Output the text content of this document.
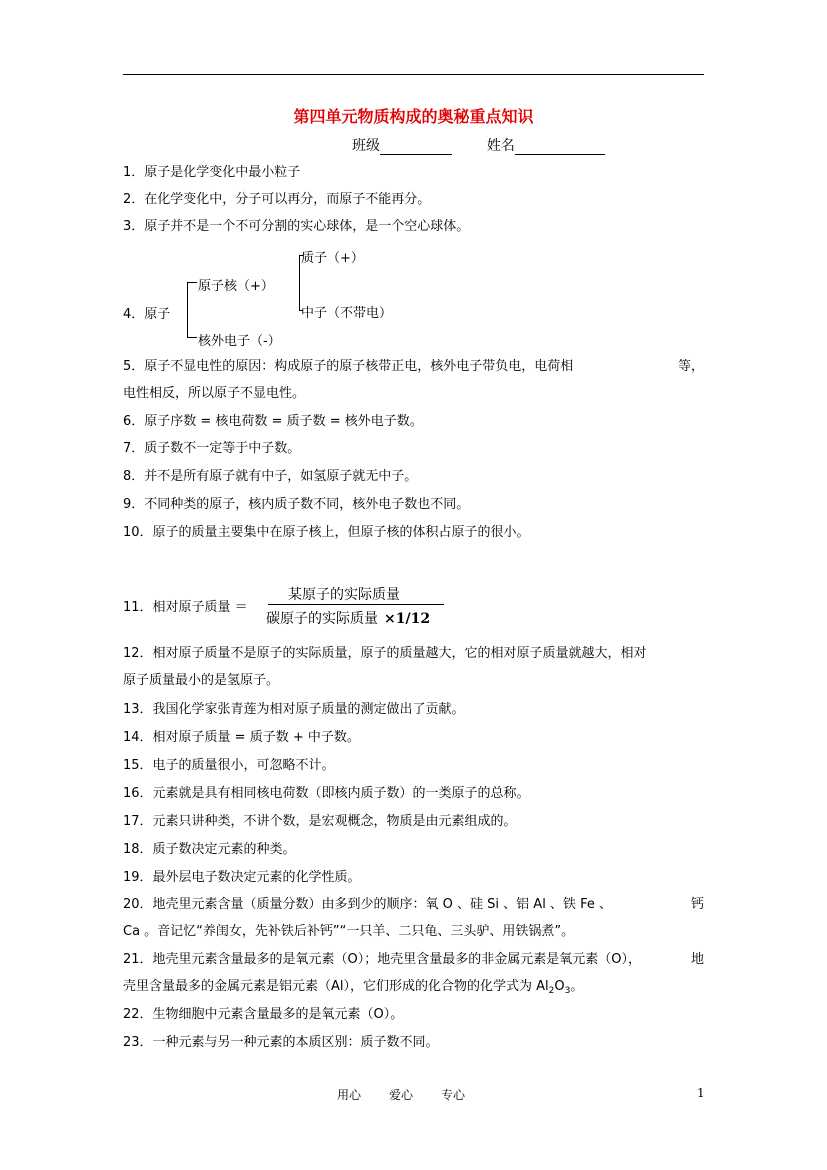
第四单元物质构成的奥秘重点知识
班级	姓名
1．原子是化学变化中最小粒子
2．在化学变化中，分子可以再分，而原子不能再分。
3．原子并不是一个不可分割的实心球体，是一个空心球体。
4．原子
原子核（+）
核外电子（-）
质子（+）
中子（不带电）
5．原子不显电性的原因：构成原子的原子核带正电，核外电子带负电，电荷相	等，
电性相反，所以原子不显电性。
6．原子序数 = 核电荷数 = 质子数 = 核外电子数。
7．质子数不一定等于中子数。
8．并不是所有原子就有中子，如氢原子就无中子。
9．不同种类的原子，核内质子数不同，核外电子数也不同。
10．原子的质量主要集中在原子核上，但原子核的体积占原子的很小。
11．相对原子质量 ＝
某原子的实际质量
碳原子的实际质量 ×1/12
12．相对原子质量不是原子的实际质量，原子的质量越大，它的相对原子质量就越大，相对
原子质量最小的是氢原子。
13．我国化学家张青莲为相对原子质量的测定做出了贡献。
14．相对原子质量 = 质子数 + 中子数。
15．电子的质量很小，可忽略不计。
16．元素就是具有相同核电荷数（即核内质子数）的一类原子的总称。
17．元素只讲种类，不讲个数，是宏观概念，物质是由元素组成的。
18．质子数决定元素的种类。
19．最外层电子数决定元素的化学性质。
20．地壳里元素含量（质量分数）由多到少的顺序：氧 O 、硅 Si 、铝 Al 、铁 Fe 、	钙
Ca 。音记忆“养闺女，先补铁后补钙”“一只羊、二只龟、三头驴、用铁锅煮”。
21．地壳里元素含量最多的是氧元素（O）；地壳里含量最多的非金属元素是氧元素（O），	地
壳里含量最多的金属元素是铝元素（Al），它们形成的化合物的化学式为 $Al_2O_3$。
22．生物细胞中元素含量最多的是氧元素（O）。
23．一种元素与另一种元素的本质区别：质子数不同。
用心 爱心 专心	1
